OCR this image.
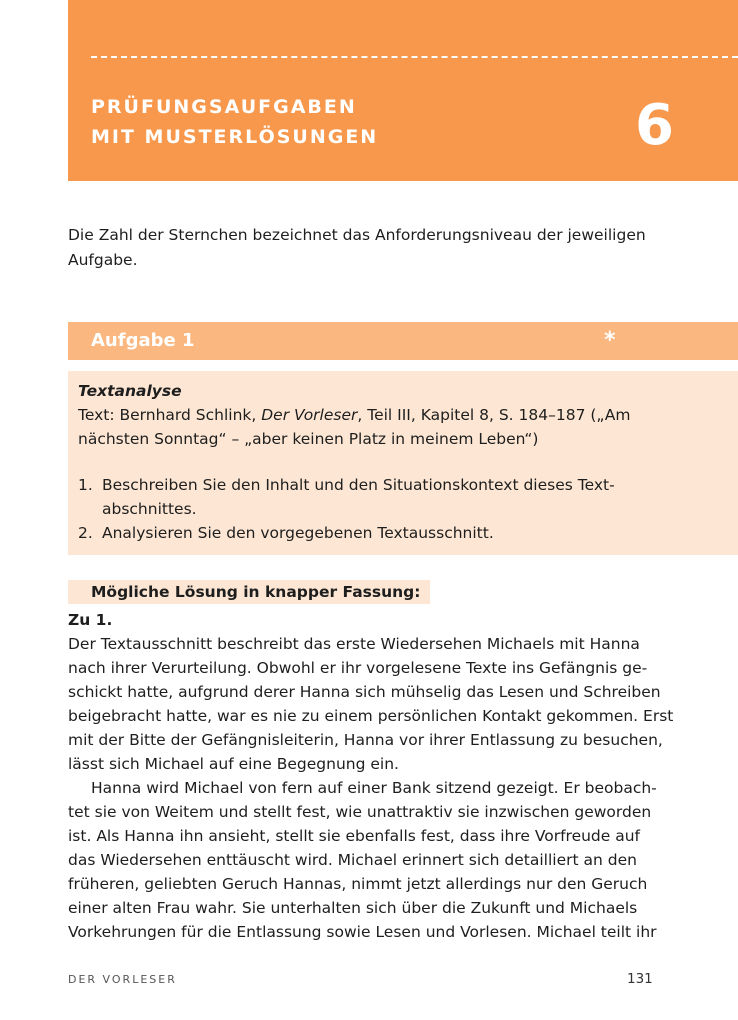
PRÜFUNGSAUFGABEN
MIT MUSTERLÖSUNGEN	6

Die Zahl der Sternchen bezeichnet das Anforderungsniveau der jeweiligen Aufgabe.

Aufgabe 1	*
Textanalyse
Text: Bernhard Schlink, Der Vorleser, Teil III, Kapitel 8, S. 184–187 („Am nächsten Sonntag“ – „aber keinen Platz in meinem Leben“)
1. Beschreiben Sie den Inhalt und den Situationskontext dieses Textabschnittes.
2. Analysieren Sie den vorgegebenen Textausschnitt.
Mögliche Lösung in knapper Fassung:

Zu 1.

Der Textausschnitt beschreibt das erste Wiedersehen Michaels mit Hanna
nach ihrer Verurteilung. Obwohl er ihr vorgelesene Texte ins Gefängnis ge-
schickt hatte, aufgrund derer Hanna sich mühselig das Lesen und Schreiben
beigebracht hatte, war es nie zu einem persönlichen Kontakt gekommen. Erst
mit der Bitte der Gefängnisleiterin, Hanna vor ihrer Entlassung zu besuchen,
lässt sich Michael auf eine Begegnung ein.
Hanna wird Michael von fern auf einer Bank sitzend gezeigt. Er beobach-
tet sie von Weitem und stellt fest, wie unattraktiv sie inzwischen geworden
ist. Als Hanna ihn ansieht, stellt sie ebenfalls fest, dass ihre Vorfreude auf
das Wiedersehen enttäuscht wird. Michael erinnert sich detailliert an den
früheren, geliebten Geruch Hannas, nimmt jetzt allerdings nur den Geruch
einer alten Frau wahr. Sie unterhalten sich über die Zukunft und Michaels
Vorkehrungen für die Entlassung sowie Lesen und Vorlesen. Michael teilt ihr

DER VORLESER	131
